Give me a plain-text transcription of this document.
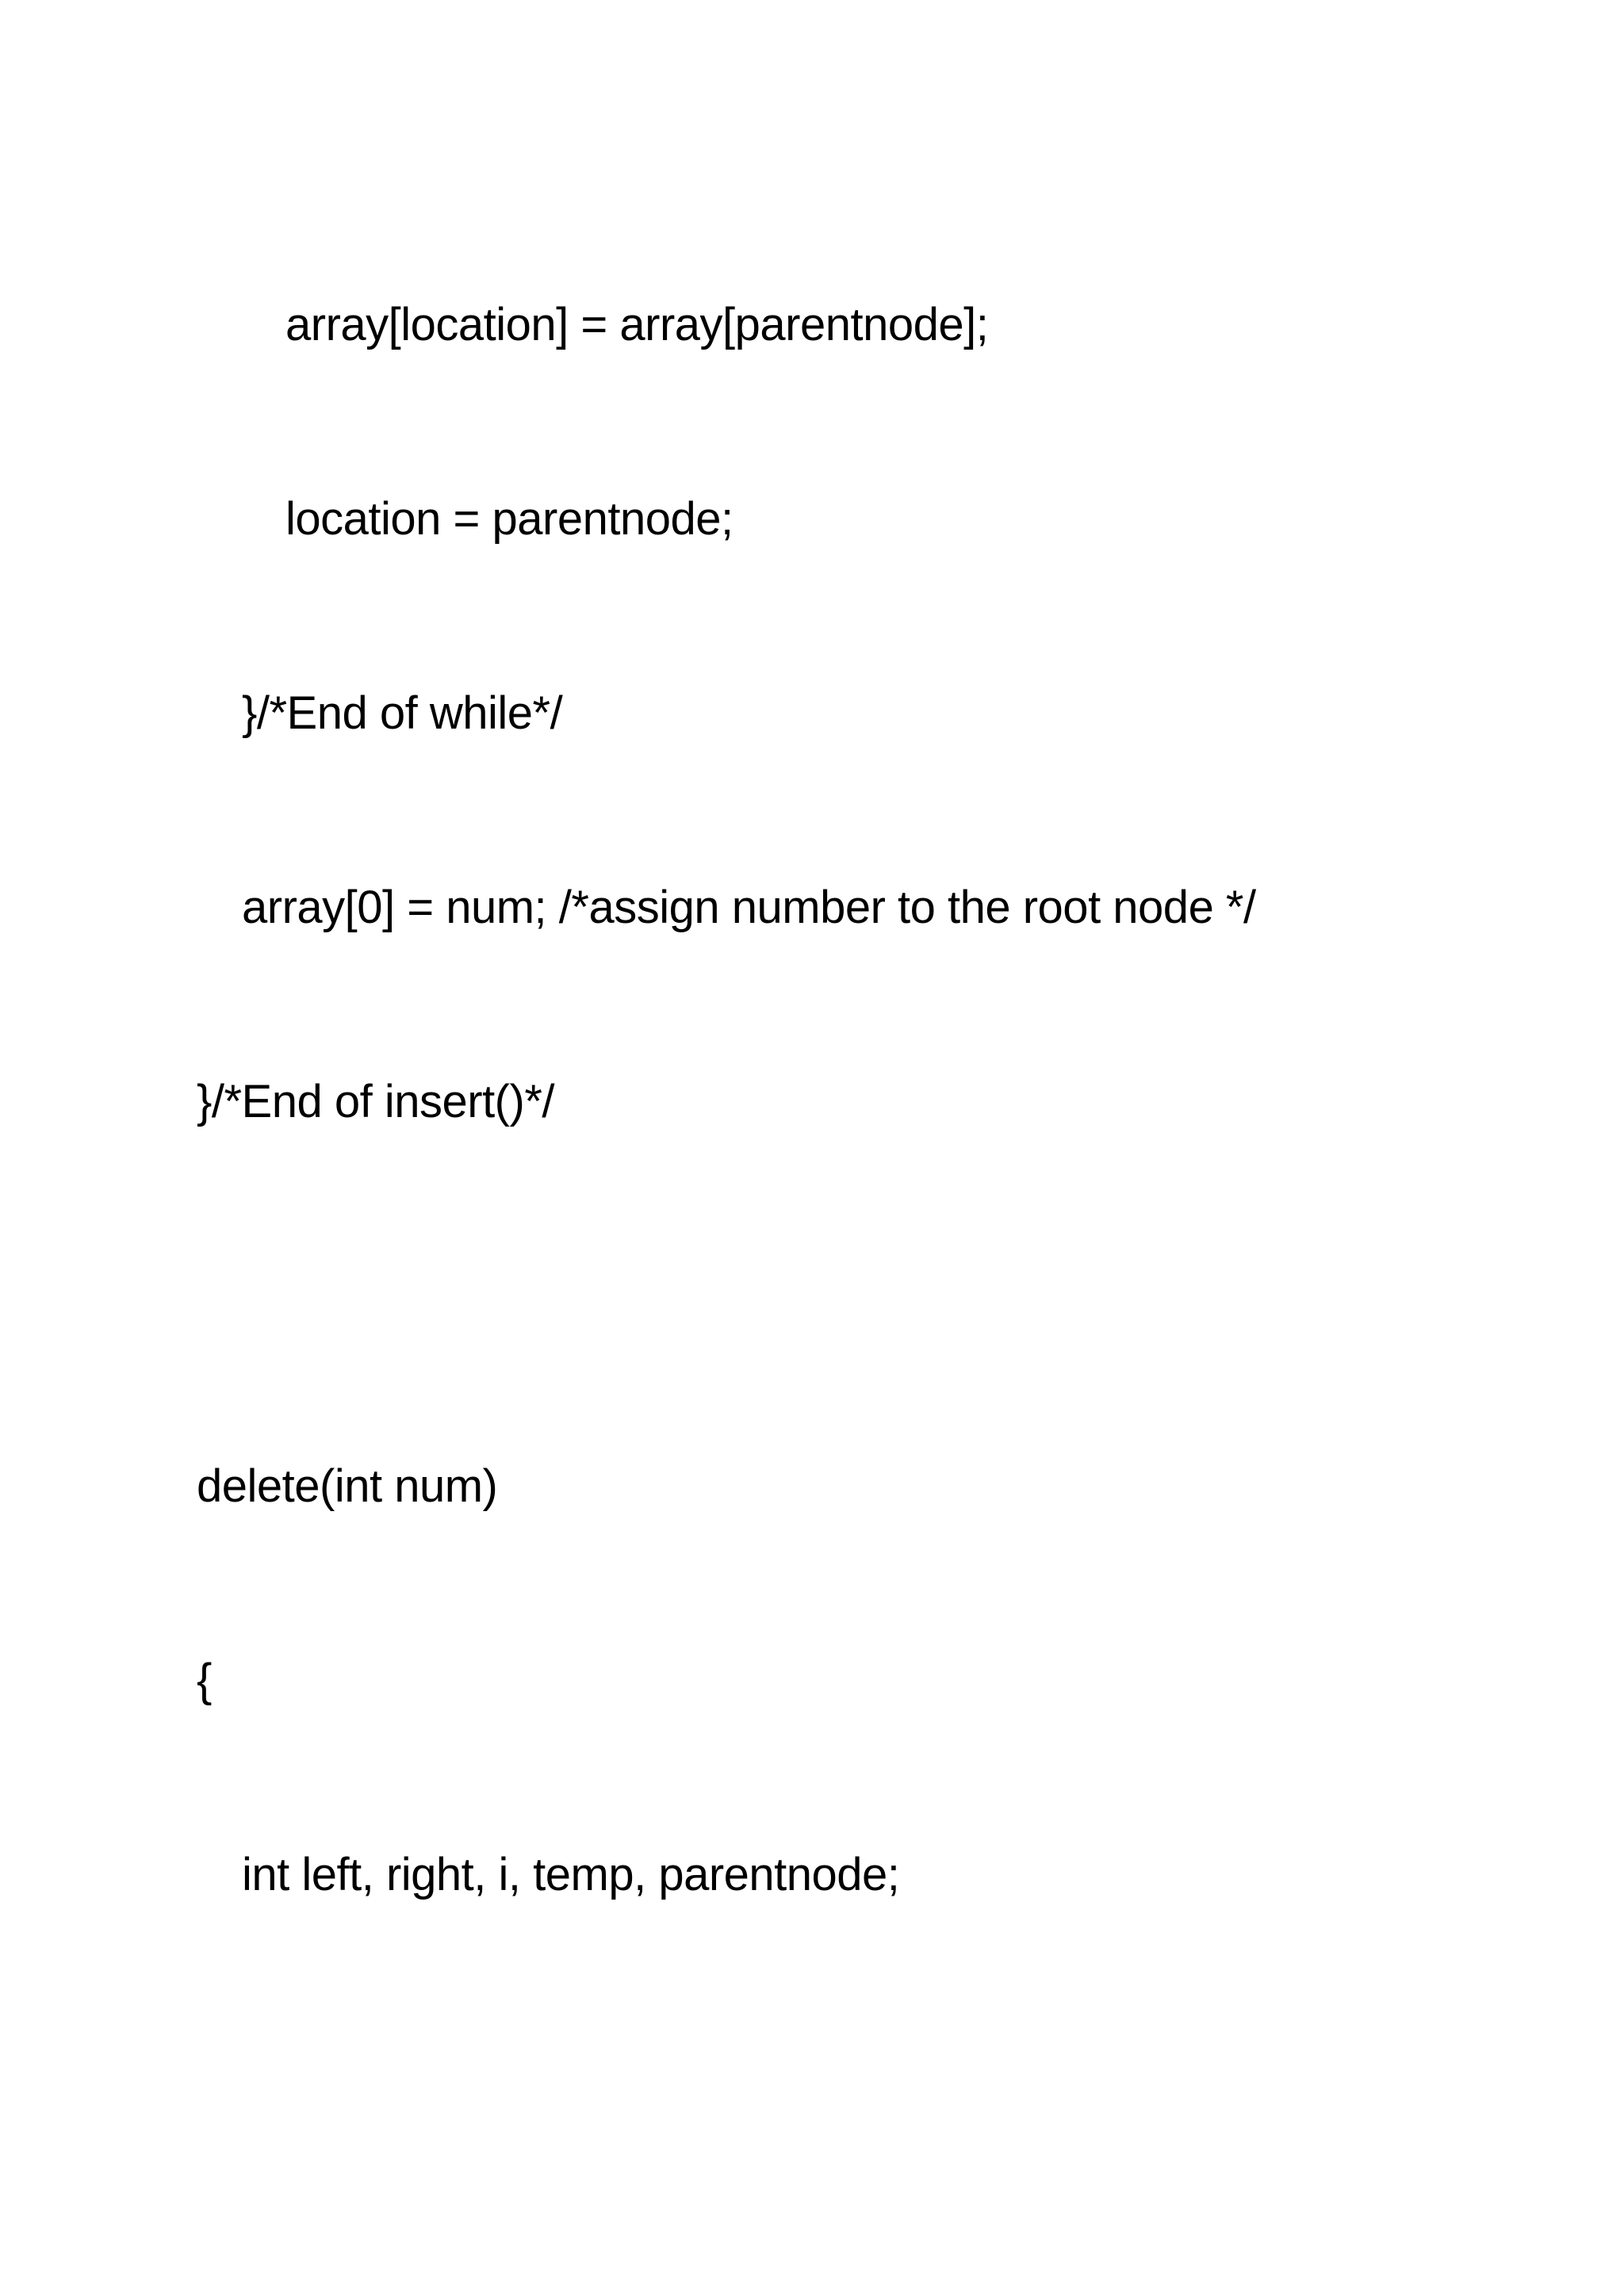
array[location] = array[parentnode];
location = parentnode;
}/*End of while*/
array[0] = num; /*assign number to the root node */
}/*End of insert()*/
delete(int num)
{
int left, right, i, temp, parentnode;
